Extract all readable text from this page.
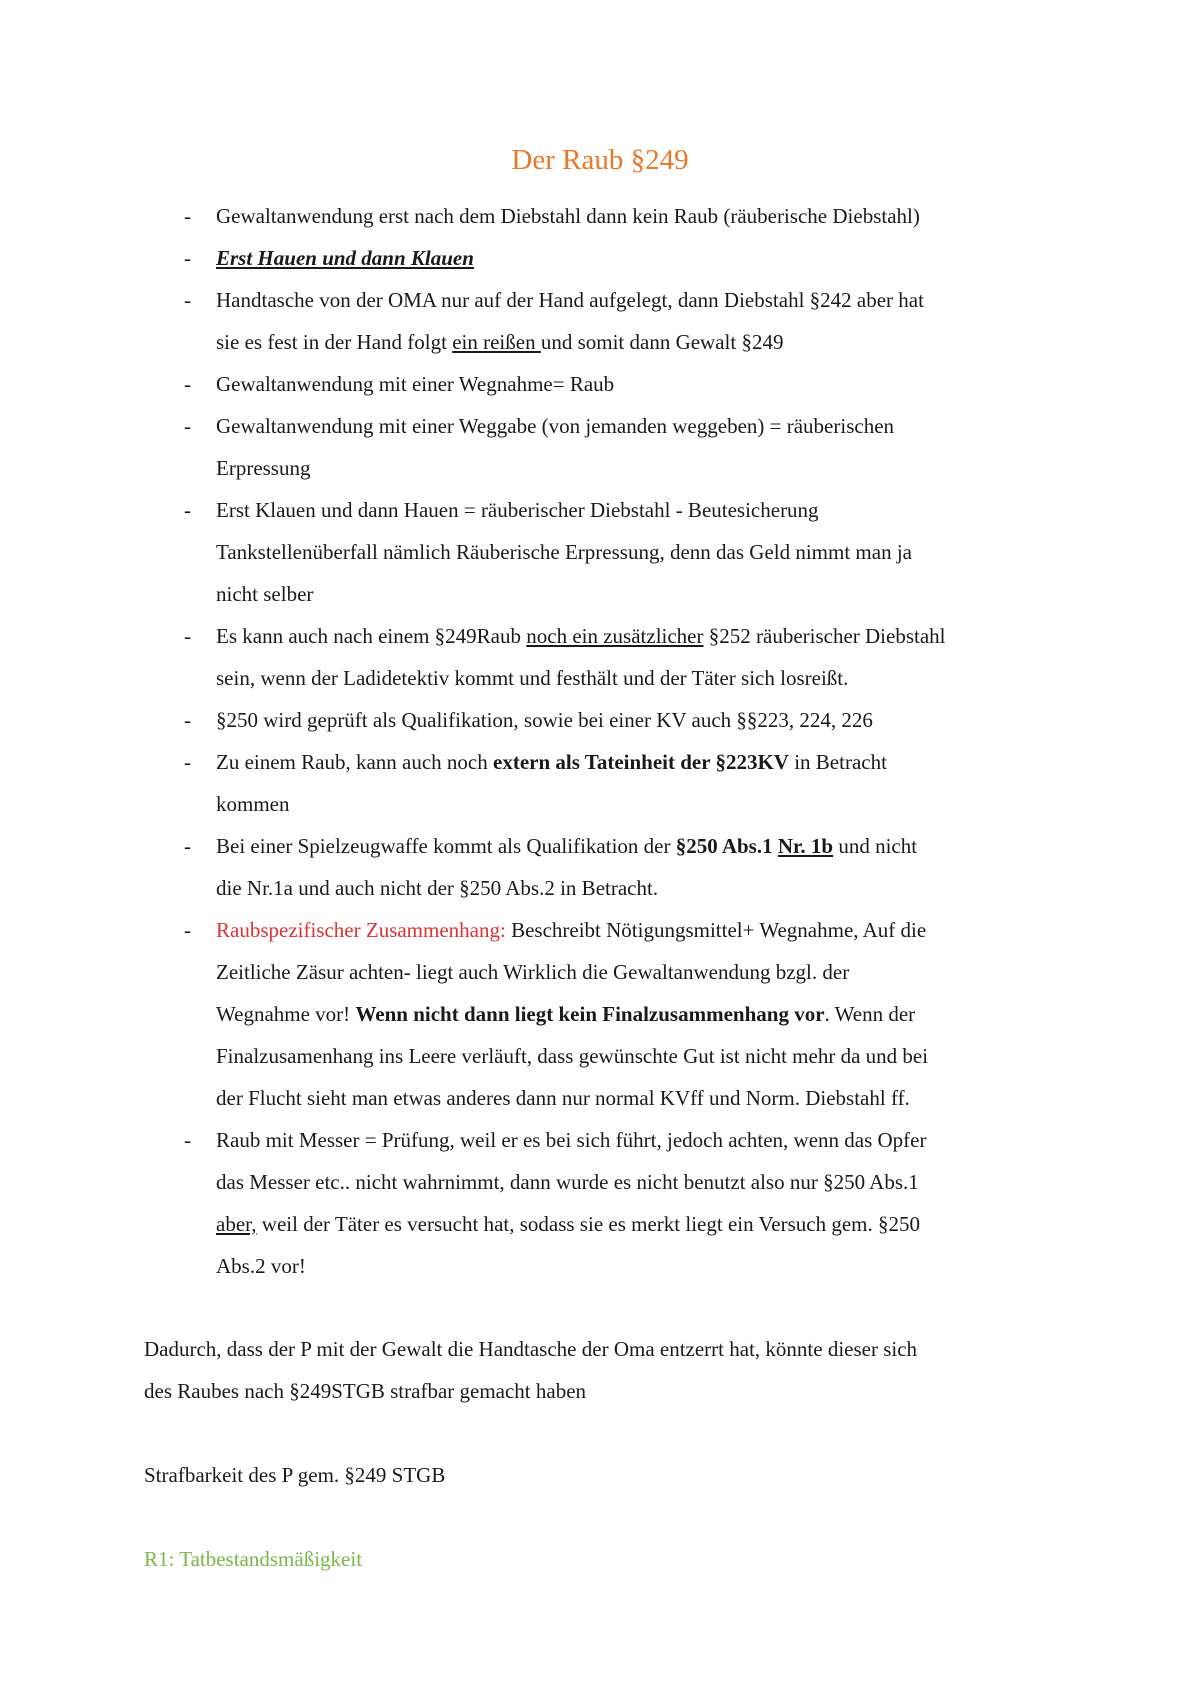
Der Raub §249
-	Gewaltanwendung erst nach dem Diebstahl dann kein Raub (räuberische Diebstahl)
-	Erst Hauen und dann Klauen
-	Handtasche von der OMA nur auf der Hand aufgelegt, dann Diebstahl §242 aber hat
sie es fest in der Hand folgt ein reißen und somit dann Gewalt §249
-	Gewaltanwendung mit einer Wegnahme= Raub
-	Gewaltanwendung mit einer Weggabe (von jemanden weggeben) = räuberischen
Erpressung
-	Erst Klauen und dann Hauen = räuberischer Diebstahl - Beutesicherung
Tankstellenüberfall nämlich Räuberische Erpressung, denn das Geld nimmt man ja
nicht selber
-	Es kann auch nach einem §249Raub noch ein zusätzlicher §252 räuberischer Diebstahl
sein, wenn der Ladidetektiv kommt und festhält und der Täter sich losreißt.
-	§250 wird geprüft als Qualifikation, sowie bei einer KV auch §§223, 224, 226
-	Zu einem Raub, kann auch noch extern als Tateinheit der §223KV in Betracht
kommen
-	Bei einer Spielzeugwaffe kommt als Qualifikation der §250 Abs.1 Nr. 1b und nicht
die Nr.1a und auch nicht der §250 Abs.2 in Betracht.
-	Raubspezifischer Zusammenhang: Beschreibt Nötigungsmittel+ Wegnahme, Auf die
Zeitliche Zäsur achten- liegt auch Wirklich die Gewaltanwendung bzgl. der
Wegnahme vor! Wenn nicht dann liegt kein Finalzusammenhang vor. Wenn der
Finalzusamenhang ins Leere verläuft, dass gewünschte Gut ist nicht mehr da und bei
der Flucht sieht man etwas anderes dann nur normal KVff und Norm. Diebstahl ff.
-	Raub mit Messer = Prüfung, weil er es bei sich führt, jedoch achten, wenn das Opfer
das Messer etc.. nicht wahrnimmt, dann wurde es nicht benutzt also nur §250 Abs.1
aber, weil der Täter es versucht hat, sodass sie es merkt liegt ein Versuch gem. §250
Abs.2 vor!
Dadurch, dass der P mit der Gewalt die Handtasche der Oma entzerrt hat, könnte dieser sich
des Raubes nach §249STGB strafbar gemacht haben
Strafbarkeit des P gem. §249 STGB
R1: Tatbestandsmäßigkeit
